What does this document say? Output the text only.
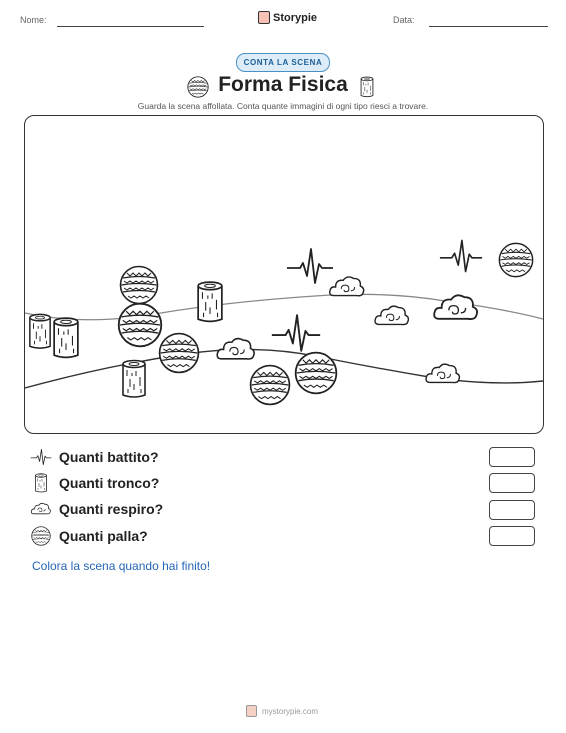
Nome:	Storypie	Data:
CONTA LA SCENA
Forma Fisica
Guarda la scena affollata. Conta quante immagini di ogni tipo riesci a trovare.
Quanti battito?
Quanti tronco?
Quanti respiro?
Quanti palla?
Colora la scena quando hai finito!
mystorypie.com
